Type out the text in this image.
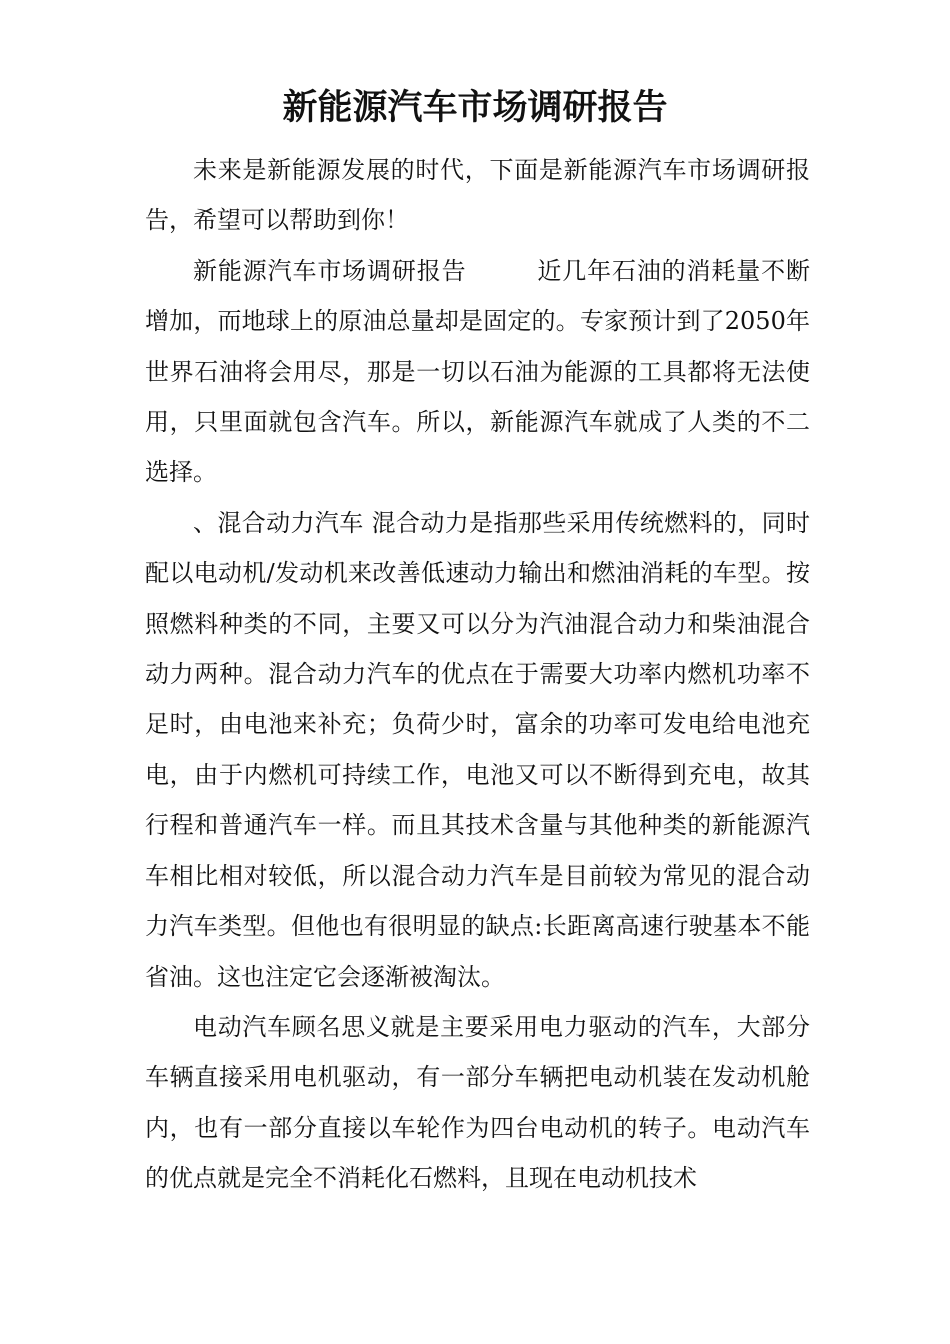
新能源汽车市场调研报告

未来是新能源发展的时代，下面是新能源汽车市场调研报告，希望可以帮助到你！

新能源汽车市场调研报告	近几年石油的消耗量不断增加，而地球上的原油总量却是固定的。专家预计到了2050年世界石油将会用尽，那是一切以石油为能源的工具都将无法使用，只里面就包含汽车。所以，新能源汽车就成了人类的不二选择。

、混合动力汽车 混合动力是指那些采用传统燃料的，同时配以电动机/发动机来改善低速动力输出和燃油消耗的车型。按照燃料种类的不同，主要又可以分为汽油混合动力和柴油混合动力两种。混合动力汽车的优点在于需要大功率内燃机功率不足时，由电池来补充；负荷少时，富余的功率可发电给电池充电，由于内燃机可持续工作，电池又可以不断得到充电，故其行程和普通汽车一样。而且其技术含量与其他种类的新能源汽车相比相对较低，所以混合动力汽车是目前较为常见的混合动力汽车类型。但他也有很明显的缺点:长距离高速行驶基本不能省油。这也注定它会逐渐被淘汰。

电动汽车顾名思义就是主要采用电力驱动的汽车，大部分车辆直接采用电机驱动，有一部分车辆把电动机装在发动机舱内，也有一部分直接以车轮作为四台电动机的转子。电动汽车的优点就是完全不消耗化石燃料，且现在电动机技术
